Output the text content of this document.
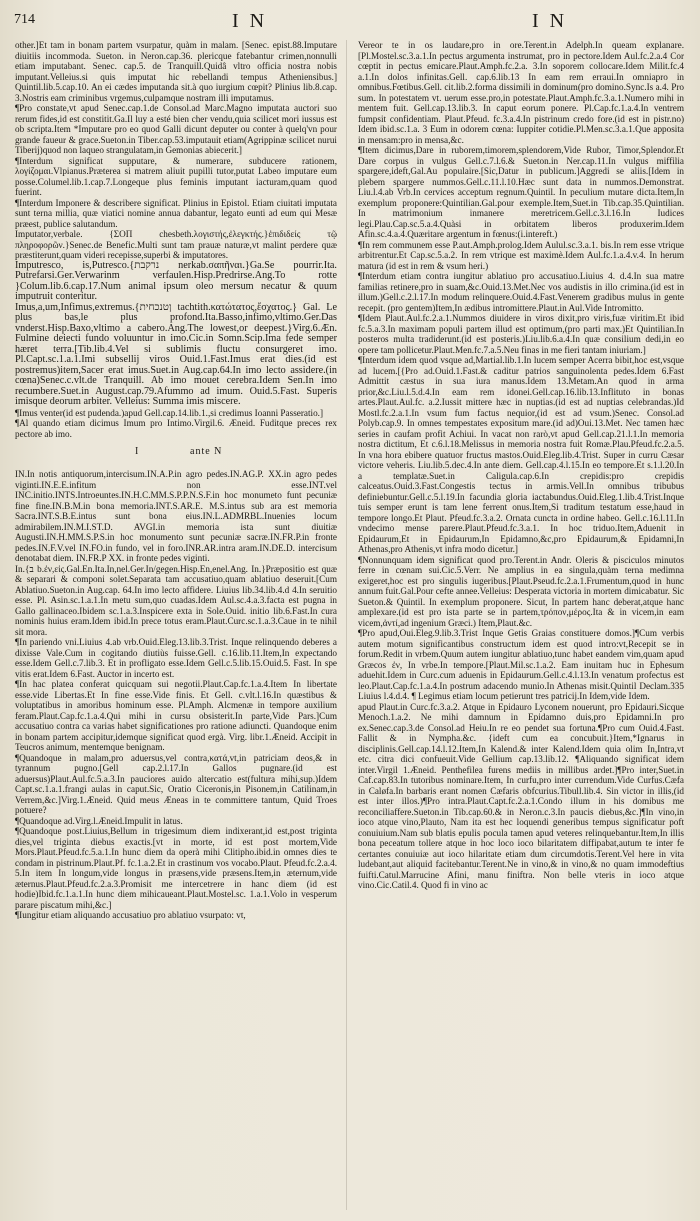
714	I N	I N

other.]Et tam in bonam partem vsurpatur, quàm in malam. [Senec. epist.88.Imputare diuitiis incommoda. Sueton. in Neron.cap.36. plericque fatebantur crimen,nonnulli etiam imputabant. Senec. cap.5. de Tranquill.Quidâ vltro officia nostra nobis imputant.Velleius.si quis imputat hic rebellandi tempus Atheniensibus.] Quintil.lib.5.cap.10. An ei cædes imputanda sit.à quo iurgium cœpit? Plinius lib.8.cap. 3.Nostris eam criminibus vrgemus,culpamque nostram illi imputamus.

¶Pro constate,vt apud Senec.cap.1.de Consol.ad Marc.Magno imputata auctori suo rerum fides,id est constitit.Ga.Il luy a esté bien cher vendu,quia scilicet mori iussus est ob scripta.Item *Imputare pro eo quod Galli dicunt deputer ou conter à quelq'vn pour grande faueur & grace.Sueton.in Tiber.cap.53.imputauit etiam(Agrippinæ scilicet nurui Tiberij)quod non laqueo strangulatam,in Gemonias abiecerit.]

¶Interdum significat supputare, & numerare, subducere rationem, λογίζομαι.Vlpianus.Præterea si matrem aliuit pupilli tutor,putat Labeo imputare eum posse.Columel.lib.1.cap.7.Longeque plus feminis imputant iacturam,quam quod fuerint.

¶Interdum Imponere & describere significat. Plinius in Epistol. Etiam ciuitati imputata sunt terna millia, quæ viatici nomine annua dabantur, legato eunti ad eum qui Mesæ præest, publice salutandum.

Imputator,verbale. {ΣΟΠ chesbeth.λογιστής,ἐλεγκτής.}ἐπιδιδείς τῷ πληροφορῶν.}Senec.de Benefic.Multi sunt tam prauæ naturæ,vt malint perdere quæ præstiterunt,quam videri recepisse,superbi & imputatores.

Imputresco, is,Putresco.{נרקבת nerkab.σαπῆναι.}Ga.Se pourrir.Ita. Putrefarsi.Ger.Verwarinm verfaulen.Hisp.Predrirse.Ang.To rotte }Colum.lib.6.cap.17.Num animal ipsum oleo mersum necatur & quum imputruit conteritur.

Imus,a,um,Infimus,extremus.{ןטנכחית tachtith.κατώτατος,ἔσχατος.} Gal. Le plus bas,le plus profond.Ita.Basso,infimo,vltimo.Ger.Das vnderst.Hisp.Baxo,vltimo a cabero.Ang.The lowest,or deepest.}Virg.6.Æn. Fulmine deiecti fundo voluuntur in imo.Cic.in Somn.Scip.Ima fede semper hæret terra.[Tib.lib.4.Vel si sublimis fluctu consurgeret imo. Pl.Capt.sc.1.a.1.Imi subsellij viros Ouid.1.Fast.Imus erat dies.(id est postremus)item,Sacer erat imus.Suet.in Aug.cap.64.In imo lecto assidere.(in cœna)Senec.c.vlt.de Tranquill. Ab imo mouet cerebra.Idem Sen.In imo recumbere.Suet.in August.cap.79.Afummo ad imum. Ouid.5.Fast. Superis imisque deorum arbiter. Velleius: Summa imis miscere.

¶Imus venter(id est pudenda.)apud Gell.cap.14.lib.1.,si credimus Ioanni Passeratio.]

¶Al quando etiam dicimus Imum pro Intimo.Virgil.6. Æneid. Fuditque preces rex pectore ab imo.

I	ante N

IN.In notis antiquorum,intercisum.IN.A.P.in agro pedes.IN.AG.P. XX.in agro pedes viginti.IN.E.E.infitum non esse.INT.vel INC.initio.INTS.Introeuntes.IN.H.C.MM.S.P.P.N.S.F.in hoc monumeto funt pecuniæ fine fine.IN.B.M.in bona memoria.INT.S.AR.E. M.S.intus sub ara est memoria Sacra.INT.S.B.E.intus sunt bona eius.IN.L.ADMRBL.Inuenies locum admirabilem.IN.M.I.ST.D. AVGI.in memoria ista sunt diuitiæ Augusti.IN.H.MM.S.P.S.in hoc monumento sunt pecuniæ sacræ.IN.FR.P.in fronte pedes.IN.F.V.vel IN.FO.in fundo, vel in foro.INR.AR.intra aram.IN.DE.D. intercisum denotabat diem. IN.FR.P XX. in fronte pedes viginti.

In.{ב b.ἐν,εἰς.Gal.En.Ita.In,nel.Ger.In/gegen.Hisp.En,enel.Ang. In.}Præpositio est quæ & separari & componi solet.Separata tam accusatiuo,quam ablatiuo deseruit.[Cum Ablatiuo.Sueton.in Aug.cap. 64.In imo lecto affidere. Liuius lib.34.lib.4.d 4.In seruitio esse. Pl. Asin.sc.1.a.1.In metu sum,quo cuadas.Idem Aul.sc.4.a.3.facta est pugna in Gallo gallinaceo.Ibidem sc.1.a.3.Inspicere exta in Sole.Ouid. initio lib.6.Fast.In cura nominis huius eram.Idem ibid.In prece totus eram.Plaut.Curc.sc.1.a.3.Caue in te nihil sit mora.

¶In pariendo vni.Liuius 4.ab vrb.Ouid.Eleg.13.lib.3.Trist. Inque relinquendo deberes a dixisse Vale.Cum in cogitando diutiùs fuisse.Gell. c.16.lib.11.Item,In expectando esse.Idem Gell.c.7.lib.3. Et in profligato esse.Idem Gell.c.5.lib.15.Ouid.5. Fast. In spe vitis erat.Idem 6.Fast. Auctor in incerto est.

¶In hac platea conferat quicquam sui negotii.Plaut.Cap.fc.1.a.4.Item In libertate esse.vide Libertas.Et In fine esse.Vide finis. Et Gell. c.vlt.l.16.In quæstibus & voluptatibus in amoribus hominum esse. Pl.Amph. Alcmenæ in tempore auxilium feram.Plaut.Cap.fc.1.a.4.Qui mihi in cursu obsisterit.In parte,Vide Pars.]Cum accusatiuo contra ca varias habet significationes pro ratione adiuncti. Quandoque enim in bonam partem accipitur,idemque significat quod ergà. Virg. libr.1.Æneid. Accipit in Teucros animum, mentemque benignam.

¶Quandoque in malam,pro aduersus,vel contra,κατά,vt,in patriciam deos,& in tyrannum pugno.[Gell cap.2.l.17.In Gallos pugnare.(id est aduersus)Plaut.Aul.fc.5.a.3.In pauciores auido altercatio est(fultura mihi,sup.)Idem Capt.sc.1.a.1.frangi aulas in caput.Sic, Oratio Ciceronis,in Pisonem,in Catilinam,in Verrem,&c.]Virg.1.Æneid. Quid meus Æneas in te committere tantum, Quid Troes potuere?

¶Quandoque ad.Virg.l.Æneid.Impulit in latus.

¶Quandoque post.Liuius,Bellum in trigesimum diem indixerant,id est,post triginta dies,vel triginta diebus exactis.[vt in morte, id est post mortem,Vide Mors.Plaut.Pfeud.fc.5.a.1.In hunc diem da operà mihi Clitipho.ibid.in omnes dies te condam in pistrinum.Plaut.Pf. fc.1.a.2.Et in crastinum vos vocabo.Plaut. Pfeud.fc.2.a.4. 5.In item In longum,vide longus in præsens,vide præsens.Item,in æternum,vide æternus.Plaut.Pfeud.fc.2.a.3.Promisit me intercetrere in hanc diem (id est hodie)Ibid.fc.1.a.1.In hunc diem mihicaueant.Plaut.Mostel.sc. 1.a.1.Volo in vesperum parare piscatum mihi,&c.]

¶Iungitur etiam aliquando accusatiuo pro ablatiuo vsurpato: vt,

Vereor te in os laudare,pro in ore.Terent.in Adelph.In queam explanare. [Pl.Mostel.sc.3.a.1.In pectus argumenta instrumat, pro in pectore.Idem Aul.fc.2.a.4 Cor cœptit in pectus emicare.Plaut.Amph.fc.2.a. 3.In soporem collocare.Idem Milit.fc.4 a.1.In dolos infinitas.Gell. cap.6.lib.13 In eam rem erraui.In omniapro in omnibus.Fœtibus.Gell. cit.lib.2.forma dissimili in dominum(pro domino.Sync.Is a.4. Pro sum. In potestatem vt. uerum esse.pro,in potestate.Plaut.Amph.fc.3.a.1.Numero mihi in mentem fuit. Gell.cap.13.lib.3. In caput eorum ponere. Pl.Cap.fc.1.a.4.In ventrem fumpsit confidentiam. Plaut.Pfeud. fc.3.a.4.In pistrinum credo fore.(id est in pistr.no) Idem ibid.sc.1.a. 3 Eum in odorem cœna: Iuppiter cotidie.Pl.Men.sc.3.a.1.Que apposita in mensam:pro in mensa,&c.

¶Item dicimus,Dare in ruborem,timorem,splendorem,Vide Rubor, Timor,Splendor.Et Dare corpus in vulgus Gell.c.7.l.6.& Sueton.in Ner.cap.11.In vulgus miffilia spargere,ideft,Gal.Au populaire.[Sic,Datur in publicum.]Aggredi se aliis.[Idem in plebem spargere nummos.Gell.c.11.l.10.Hæc sunt data in nummos.Demonstrat. Liu.l.4.ab Vrb.In cervices acceptum regnum.Quintil. In peculium mutare dicta.Item,In exemplum proponere:Quintilian.Gal.pour exemple.Item,Suet.in Tib.cap.35.Quintilian. In matrimonium inmanere meretricem.Gell.c.3.l.16.In Iudices legi.Plau.Cap.sc.5.a.4.Quàsi in orbitatem liberos produxerim.Idem Afin.sc.4.a.4.Quæritare argentum in fœnus:(i.intereft.)

¶In rem communem esse P.aut.Amph.prolog.Idem Aulul.sc.3.a.1. bis.In rem esse vtrique arbitrentur.Et Cap.sc.5.a.2. In rem vtrique est maximè.Idem Aul.fc.1.a.4.v.4. In herum matura (id est in rem & vsum heri.)

¶Interdum etiam contra iungitur ablatiuo pro accusatiuo.Liuius 4. d.4.In sua matre familias retinere,pro in suam,&c.Ouid.13.Met.Nec vos audistis in illo crimina.(id est in illum.)Gell.c.2.l.17.In modum relinquere.Ouid.4.Fast.Venerem gradibus mulus in gente recepit. (pro gentem)Item,In ædibus intromittere.Plaut.in Aul.Vide Intromitto.

¶Idem Plaut.Aul.fc.2.a.1.Nummos diuidere in viros dixit,pro viris,fuæ viritim.Et ibid fc.5.a.3.In maximam populi partem illud est optimum,(pro parti max.)Et Quintilian.In posteros multa tradiderunt.(id est posteris.)Liu.lib.6.a.4.In quæ consilium dedi,in eo opere tam pollicetur.Plaut.Men.fc.7.a.5.Neu finas in me fieri tantam iniuriam.]

¶Interdum idem quod vsque ad,Martial.lib.1.In lucem semper Acerra bibit,hoc est,vsque ad lucem.[{Pro ad.Ouid.1.Fast.& caditur patrios sanguinolenta pedes.Idem 6.Fast Admittit cæstus in sua iura manus.Idem 13.Metam.An quod in arma prior,&c.Liu.l.5.d.4.In eam rem idonei.Gell.cap.16.lib.13.Inflituto in bonas artes.Plaut.Aul.fc. a.2.Iussit mittere hæc in nuptias.(id est ad nuptias celebrandas.)Id Mostl.fc.2.a.1.In vsum fum factus nequior,(id est ad vsum.)Senec. Consol.ad Polyb.cap.9. In omnes tempestates expositum mare.(id ad)Oui.13.Met. Nec tamen hæc series in caufam profit Achiui. In vacat non rarò,vt apud Gell.cap.21.l.1.In memoria nostra dictitum, Et c.6.l.18.Melissus in memoria nostra fuit Romæ.Plau.Pfeud.fc.2.a.5. In vna hora ebibere quatuor fructus mastos.Ouid.Eleg.lib.4.Trist. Super in curru Cæsar victore veheris. Liu.lib.5.dec.4.In ante diem. Gell.cap.4.l.15.In eo tempore.Et s.1.l.20.In a templatæ.Suet.in Caligula.cap.6.In crepidis:pro crepidis calceatus.Ouid.3.Fast.Congestis tectus in armis.Vell.In omnibus tribubus definiebuntur.Gell.c.5.l.19.In facundia gloria iactabundus.Ouid.Eleg.1.lib.4.Trist.Inque tuis semper erunt is tam lene ferrent onus.Item,Si traditum testatum esse,haud in tempore longo.Et Plaut. Pfeud.fc.3.a.2. Ornata cuncta in ordine habeo. Gell.c.16.l.11.In vndecimo mense parere.Plaut.Pfeud.fc.3.a.1. In hoc triduo.Item,Aduenit in Epidaurum,Et in Epidaurum,In Epidamno,&c,pro Epidaurum,& Epidamni,In Athenas,pro Athenis,vt infra modo dicetur.]

¶Nonnunquam idem significat quod pro.Terent.in Andr. Oleris & pisciculos minutos ferre in cœnam sui.Cic.5.Verr. Ne amplius in ea singula,quàm terna medimna exigeret,hoc est pro singulis iugeribus.[Plaut.Pseud.fc.2.a.1.Frumentum,quod in hunc annum fuit.Gal.Pour cefte annee.Velleius: Desperata victoria in mortem dimicabatur. Sic Sueton.& Quintil. In exemplum proponere. Sicut, In partem hanc deberat,atque hanc amplexare.(id est pro ista parte se in partem,τρόπον,μέρος.Ita & in vicem,in eam vicem,ἀντί,ad ingenium Græci.) Item,Plaut.&c.

¶Pro apud,Oui.Eleg.9.lib.3.Trist Inque Getis Graias constituere domos.]¶Cum verbis autem motum significantibus constructum idem est quod intro:vt,Recepit se in forum.Redit in vrbem.Quum autem iungitur ablatiuo,tunc habet eandem vim,quam apud Græcos ἐν, In vrbe.In tempore.[Plaut.Mil.sc.1.a.2. Eam inuitam huc in Ephesum aduehit.Idem in Curc.cum aduenis in Epidaurum.Gell.c.4.l.13.In venatum profectus est leo.Plaut.Cap.fc.1.a.4.In postrum adacendo munio.In Athenas misit.Quintil Declam.335 Liuius l.4.d.4. ¶ Legimus etiam locum petierunt tres patricij.In Idem,vide Idem.

apud Plaut.in Curc.fc.3.a.2. Atque in Epidauro Lyconem nouerunt, pro Epidauri.Sicque Menoch.1.a.2. Ne mihi damnum in Epidamno duis,pro Epidamni.In pro ex.Senec.cap.3.de Consol.ad Heiu.In re eo pendet sua fortuna.¶Pro cum Ouid.4.Fast. Fallit & in Nympha.&c. {ideft cum ea concubuit.}Item,*Ignarus in disciplinis.Gell.cap.14.l.12.Item,In Kalend.& inter Kalend.Idem quia olim In,Intra,vt etc. citra dici confueuit.Vide Gellium cap.13.lib.12. ¶Aliquando significat idem inter.Virgil 1.Æneid. Penthefilea furens mediis in millibus ardet.]¶Pro inter,Suet.in Caf.cap.83.In tutoribus nominare.Item, In curfu,pro inter currendum.Vide Curfus.Cæfa in Caløfa.In barbaris erant nomen Cæfaris obfcurius.Tibull.lib.4. Sin victor in illis,(id est inter illos.)¶Pro intra.Plaut.Capt.fc.2.a.1.Condo illum in his domibus me reconciliaffere.Sueton.in Tib.cap.60.& in Neron.c.3.In paucis diebus,&c.]¶In vino,in ioco atque vino,Plauto, Nam ita est hec loquendi generibus tempus significatur poft conuiuium.Nam sub blatis epulis pocula tamen apud veteres relinquebantur.Item,In illis bona peceatum tollere atque in hoc loco ioco bilaritatem diffipabat,autum te inter fe certantes conuiuiæ aut ioco hilaritate etiam dum circumdotis.Terent.Vel here in vita ludebant,aut aliquid facitebantur.Terent.Ne in vino,& in vino,& no quam immodeftius fuifti.Catul.Marrucine Afini, manu finiftra. Non belle vteris in ioco atque vino.Cic.Catil.4. Quod fi in vino ac
